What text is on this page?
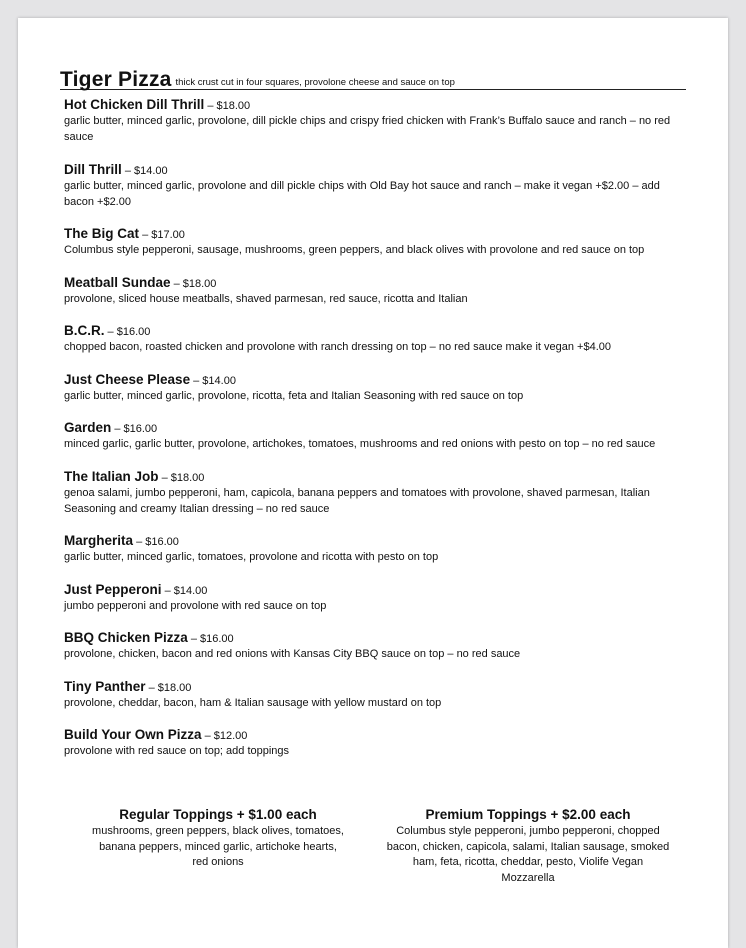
Tiger Pizza thick crust cut in four squares, provolone cheese and sauce on top
Hot Chicken Dill Thrill – $18.00
garlic butter, minced garlic, provolone, dill pickle chips and crispy fried chicken with Frank’s Buffalo sauce and ranch – no red sauce
Dill Thrill – $14.00
garlic butter, minced garlic, provolone and dill pickle chips with Old Bay hot sauce and ranch – make it vegan +$2.00 – add bacon +$2.00
The Big Cat – $17.00
Columbus style pepperoni, sausage, mushrooms, green peppers, and black olives with provolone and red sauce on top
Meatball Sundae – $18.00
provolone, sliced house meatballs, shaved parmesan, red sauce, ricotta and Italian
B.C.R. – $16.00
chopped bacon, roasted chicken and provolone with ranch dressing on top – no red sauce make it vegan +$4.00
Just Cheese Please – $14.00
garlic butter, minced garlic, provolone, ricotta, feta and Italian Seasoning with red sauce on top
Garden – $16.00
minced garlic, garlic butter, provolone, artichokes, tomatoes, mushrooms and red onions with pesto on top – no red sauce
The Italian Job – $18.00
genoa salami, jumbo pepperoni, ham, capicola, banana peppers and tomatoes with provolone, shaved parmesan, Italian Seasoning and creamy Italian dressing – no red sauce
Margherita – $16.00
garlic butter, minced garlic, tomatoes, provolone and ricotta with pesto on top
Just Pepperoni – $14.00
jumbo pepperoni and provolone with red sauce on top
BBQ Chicken Pizza – $16.00
provolone, chicken, bacon and red onions with Kansas City BBQ sauce on top – no red sauce
Tiny Panther – $18.00
provolone, cheddar, bacon, ham & Italian sausage with yellow mustard on top
Build Your Own Pizza – $12.00
provolone with red sauce on top; add toppings
Regular Toppings + $1.00 each
mushrooms, green peppers, black olives, tomatoes,
banana peppers, minced garlic, artichoke hearts,
red onions
Premium Toppings + $2.00 each
Columbus style pepperoni, jumbo pepperoni, chopped
bacon, chicken, capicola, salami, Italian sausage, smoked
ham, feta, ricotta, cheddar, pesto, Violife Vegan
Mozzarella
